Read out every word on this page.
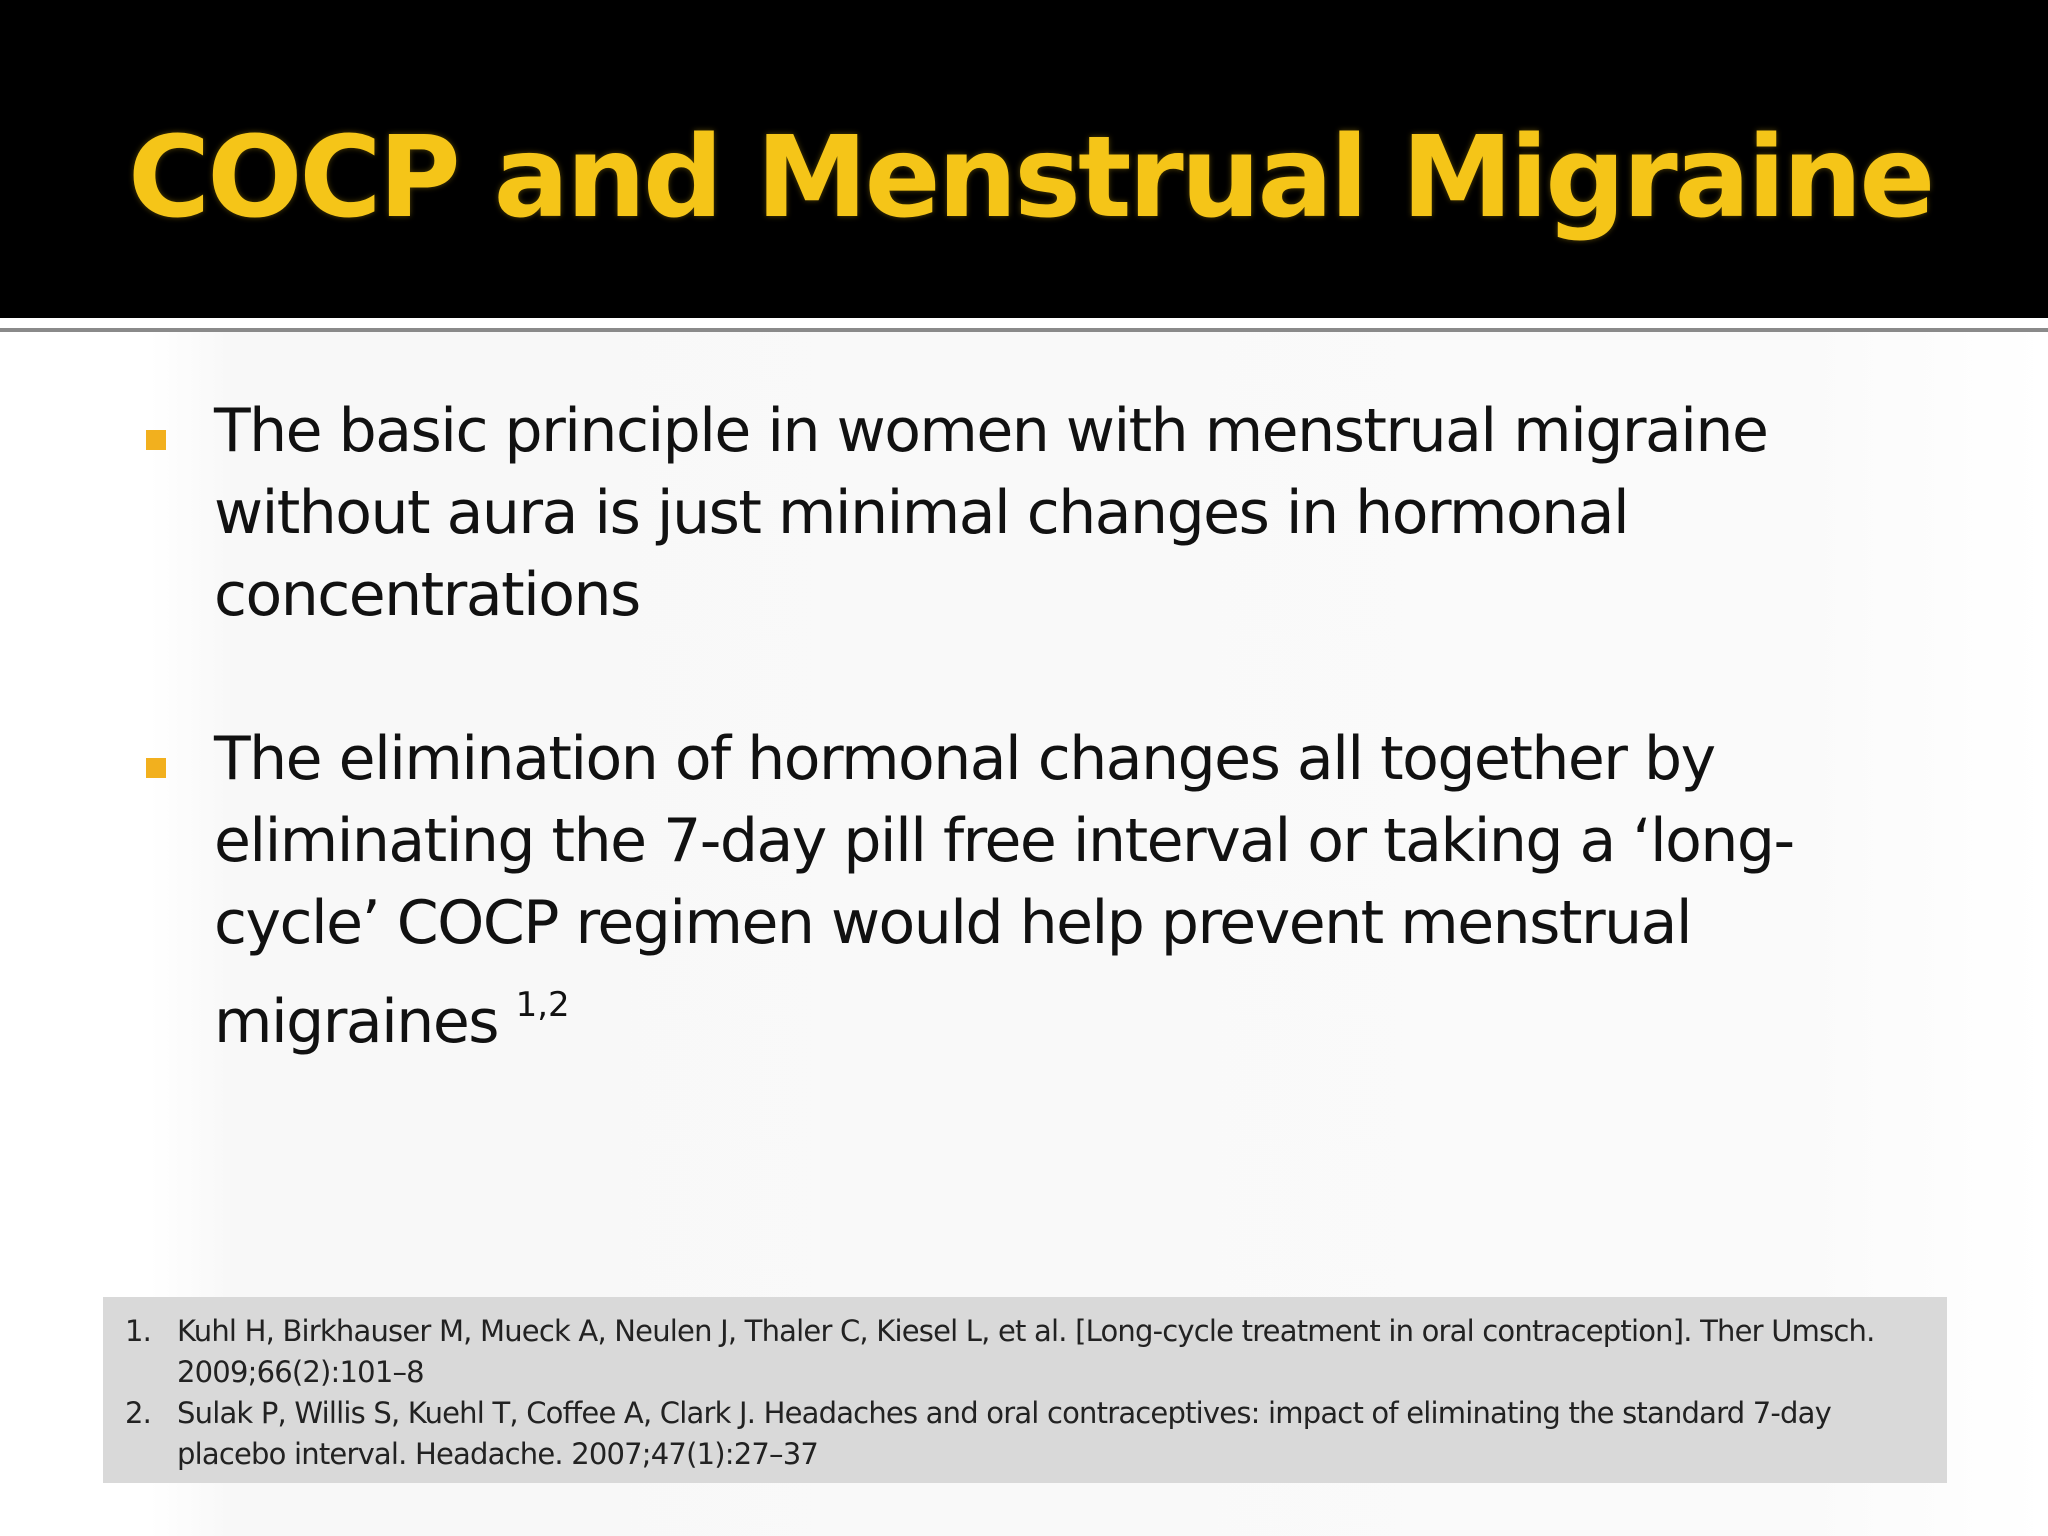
COCP and Menstrual Migraine
The basic principle in women with menstrual migraine without aura is just minimal changes in hormonal concentrations
The elimination of hormonal changes all together by eliminating the 7-day pill free interval or taking a ‘long-cycle’ COCP regimen would help prevent menstrual migraines $^{1,2}$
1. Kuhl H, Birkhauser M, Mueck A, Neulen J, Thaler C, Kiesel L, et al. [Long-cycle treatment in oral contraception]. Ther Umsch. 2009;66(2):101–8
2. Sulak P, Willis S, Kuehl T, Coffee A, Clark J. Headaches and oral contraceptives: impact of eliminating the standard 7-day placebo interval. Headache. 2007;47(1):27–37
